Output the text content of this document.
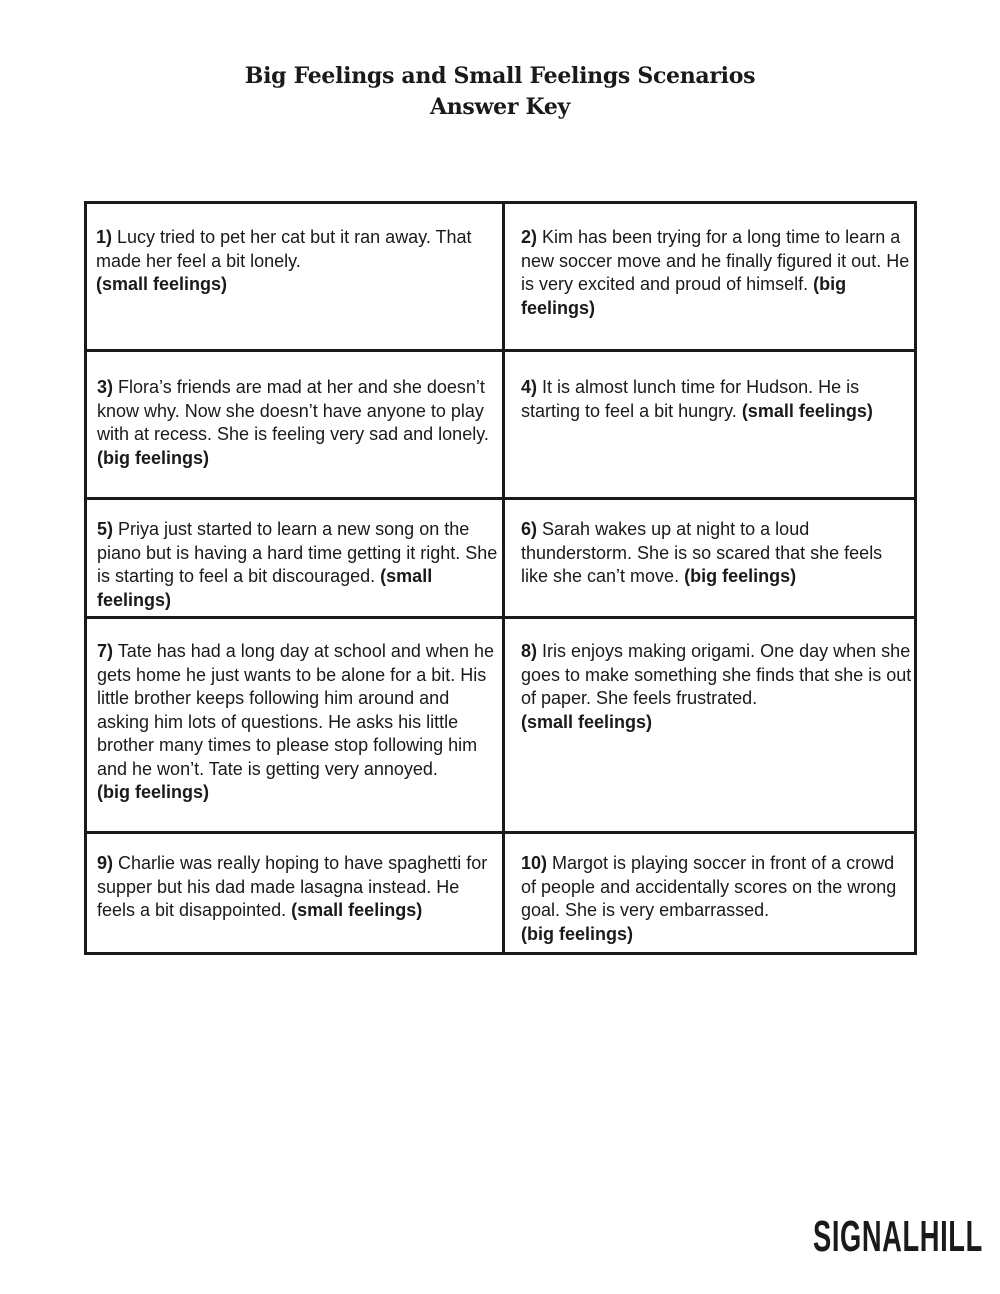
Big Feelings and Small Feelings Scenarios
Answer Key
1) Lucy tried to pet her cat but it ran away. That made her feel a bit lonely.
(small feelings)
2) Kim has been trying for a long time to learn a new soccer move and he finally figured it out. He is very excited and proud of himself. (big feelings)
3) Flora’s friends are mad at her and she doesn’t know why. Now she doesn’t have anyone to play with at recess. She is feeling very sad and lonely. (big feelings)
4) It is almost lunch time for Hudson. He is starting to feel a bit hungry. (small feelings)
5) Priya just started to learn a new song on the piano but is having a hard time getting it right. She is starting to feel a bit discouraged. (small feelings)
6) Sarah wakes up at night to a loud thunderstorm. She is so scared that she feels like she can’t move. (big feelings)
7) Tate has had a long day at school and when he gets home he just wants to be alone for a bit. His little brother keeps following him around and asking him lots of questions. He asks his little brother many times to please stop following him and he won’t. Tate is getting very annoyed.
(big feelings)
8) Iris enjoys making origami. One day when she goes to make something she finds that she is out of paper. She feels frustrated.
(small feelings)
9) Charlie was really hoping to have spaghetti for supper but his dad made lasagna instead. He feels a bit disappointed. (small feelings)
10) Margot is playing soccer in front of a crowd of people and accidentally scores on the wrong goal. She is very embarrassed.
(big feelings)
SIGNALHILL
